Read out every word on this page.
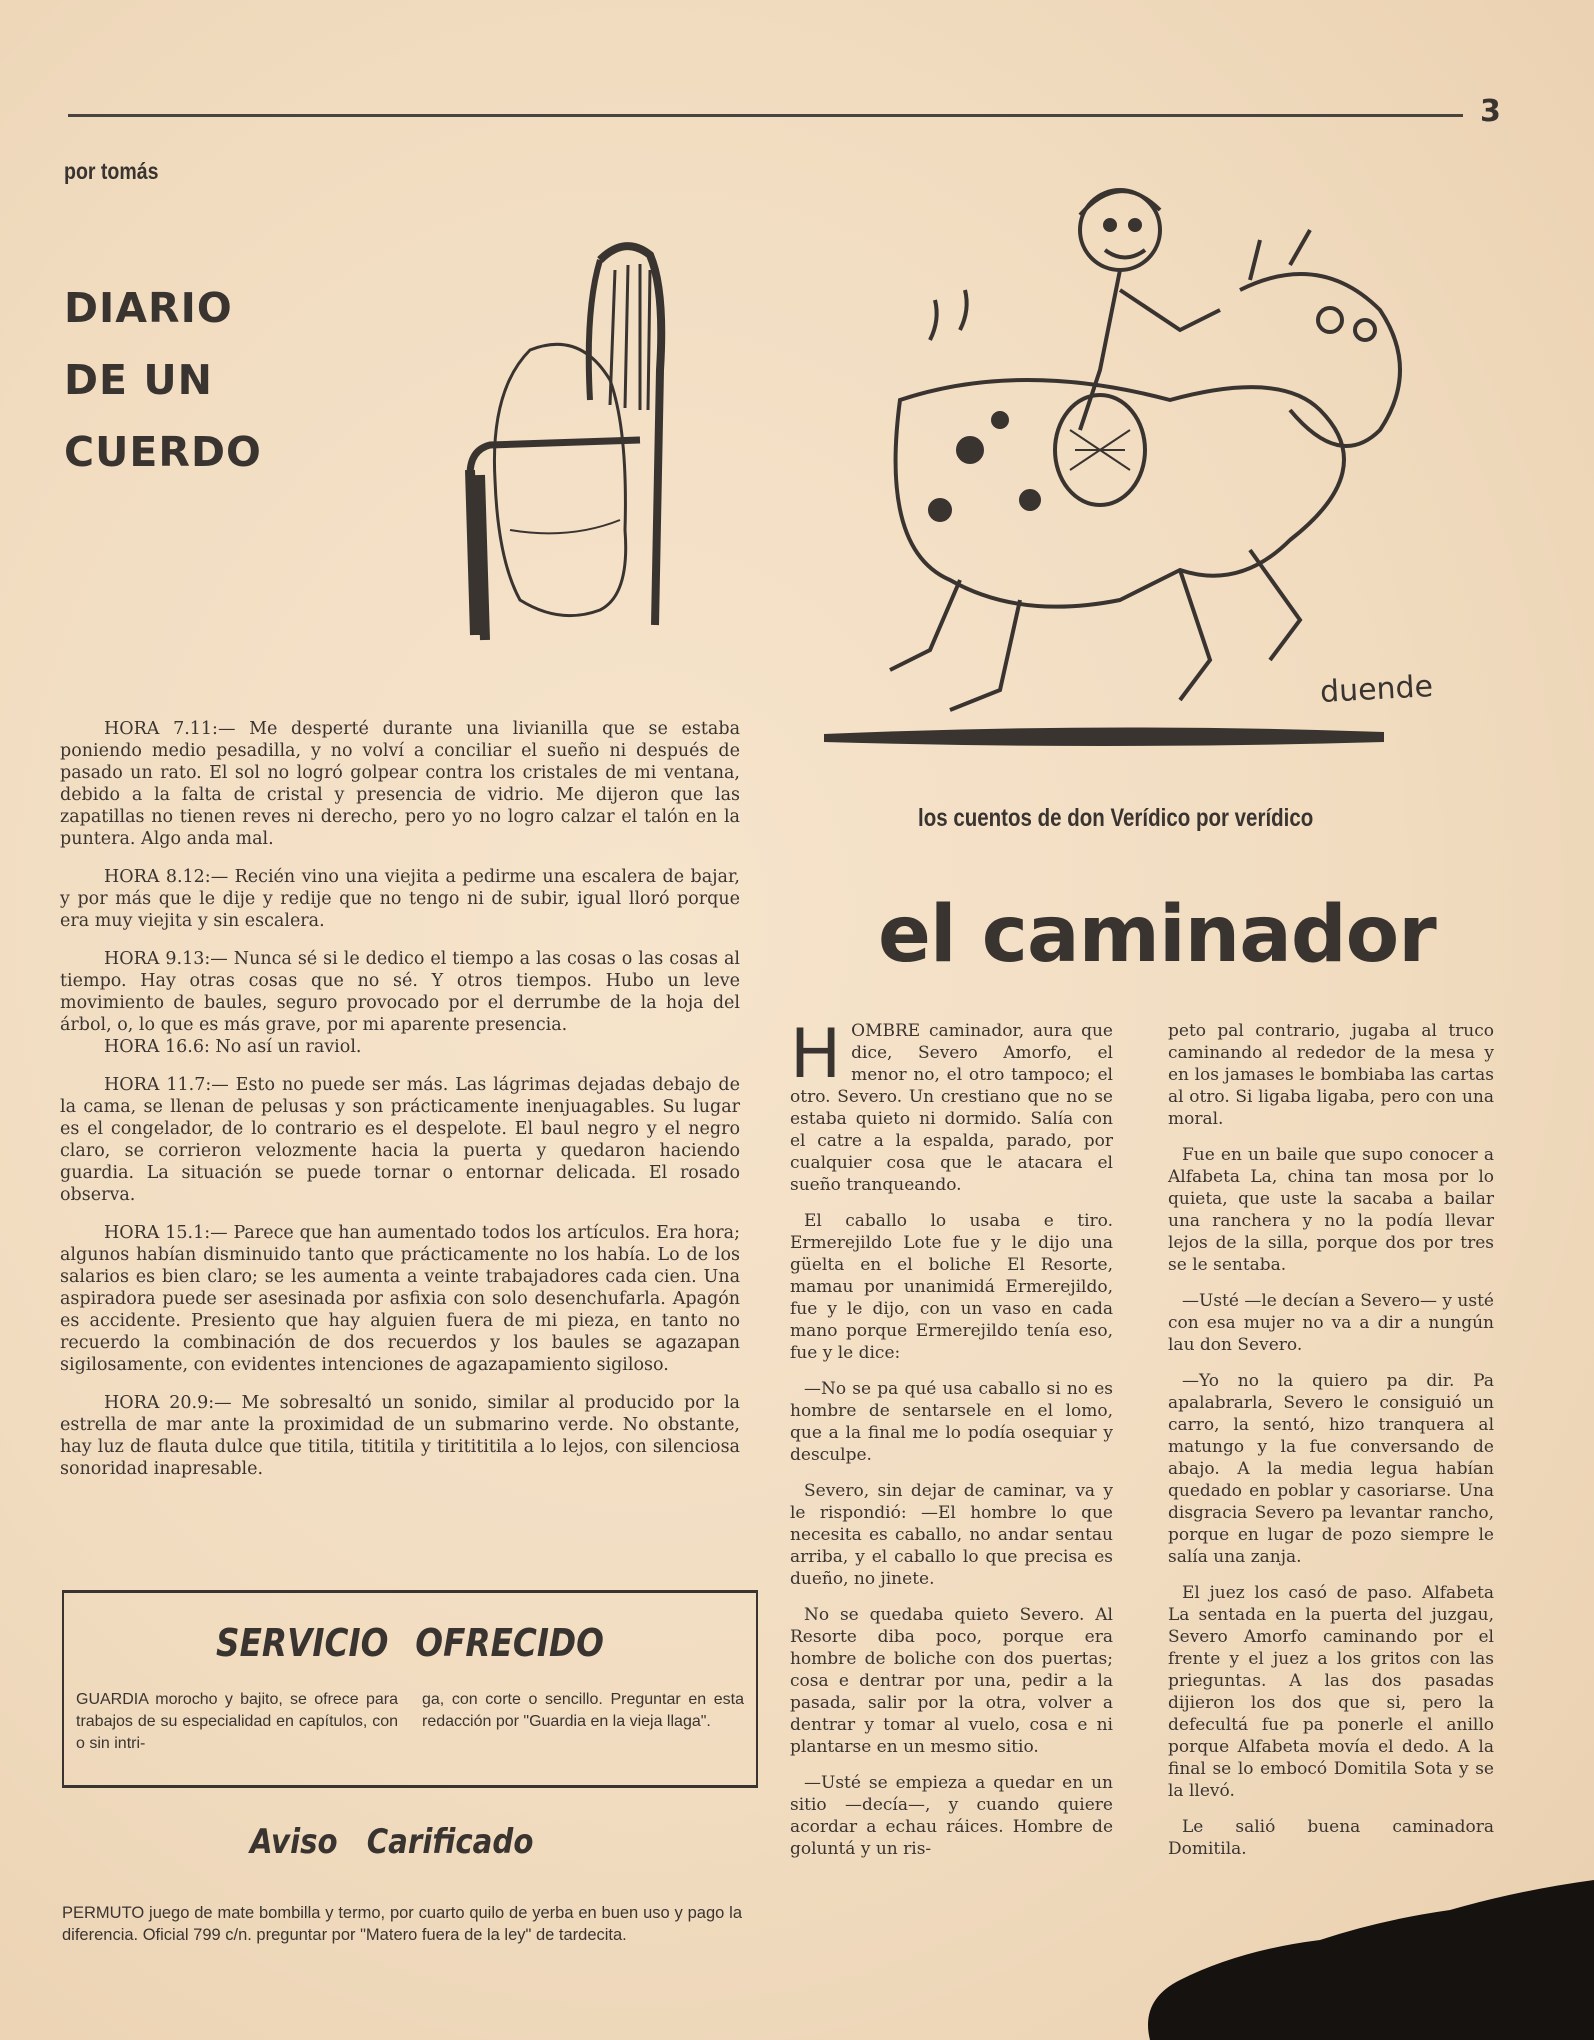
3
por tomás
DIARIO
DE UN
CUERDO
duende
los cuentos de don Verídico por verídico
el caminador

HORA 7.11:— Me desperté durante una livianilla que se estaba poniendo medio pesadilla, y no volví a conciliar el sueño ni después de pasado un rato. El sol no logró golpear contra los cristales de mi ventana, debido a la falta de cristal y presencia de vidrio. Me dijeron que las zapatillas no tienen reves ni derecho, pero yo no logro calzar el talón en la puntera. Algo anda mal.

HORA 8.12:— Recién vino una viejita a pedirme una escalera de bajar, y por más que le dije y redije que no tengo ni de subir, igual lloró porque era muy viejita y sin escalera.

HORA 9.13:— Nunca sé si le dedico el tiempo a las cosas o las cosas al tiempo. Hay otras cosas que no sé. Y otros tiempos. Hubo un leve movimiento de baules, seguro provocado por el derrumbe de la hoja del árbol, o, lo que es más grave, por mi aparente presencia.

HORA 16.6: No así un raviol.

HORA 11.7:— Esto no puede ser más. Las lágrimas dejadas debajo de la cama, se llenan de pelusas y son prácticamente inenjuagables. Su lugar es el congelador, de lo contrario es el despelote. El baul negro y el negro claro, se corrieron velozmente hacia la puerta y quedaron haciendo guardia. La situación se puede tornar o entornar delicada. El rosado observa.

HORA 15.1:— Parece que han aumentado todos los artículos. Era hora; algunos habían disminuido tanto que prácticamente no los había. Lo de los salarios es bien claro; se les aumenta a veinte trabajadores cada cien. Una aspiradora puede ser asesinada por asfixia con solo desenchufarla. Apagón es accidente. Presiento que hay alguien fuera de mi pieza, en tanto no recuerdo la combinación de dos recuerdos y los baules se agazapan sigilosamente, con evidentes intenciones de agazapamiento sigiloso.

HORA 20.9:— Me sobresaltó un sonido, similar al producido por la estrella de mar ante la proximidad de un submarino verde. No obstante, hay luz de flauta dulce que titila, tititila y tiritititila a lo lejos, con silenciosa sonoridad inapresable.

SERVICIO OFRECIDO
GUARDIA morocho y bajito, se ofrece para trabajos de su especialidad en capítulos, con o sin intri-
ga, con corte o sencillo. Preguntar en esta redacción por "Guardia en la vieja llaga".
Aviso Carificado
PERMUTO juego de mate bombilla y termo, por cuarto quilo de yerba en buen uso y pago la diferencia. Oficial 799 c/n. preguntar por "Matero fuera de la ley" de tardecita.

HOMBRE caminador, aura que dice, Severo Amorfo, el menor no, el otro tampoco; el otro. Severo. Un crestiano que no se estaba quieto ni dormido. Salía con el catre a la espalda, parado, por cualquier cosa que le atacara el sueño tranqueando.

El caballo lo usaba e tiro. Ermerejildo Lote fue y le dijo una güelta en el boliche El Resorte, mamau por unanimidá Ermerejildo, fue y le dijo, con un vaso en cada mano porque Ermerejildo tenía eso, fue y le dice:

—No se pa qué usa caballo si no es hombre de sentarsele en el lomo, que a la final me lo podía osequiar y desculpe.

Severo, sin dejar de caminar, va y le rispondió: —El hombre lo que necesita es caballo, no andar sentau arriba, y el caballo lo que precisa es dueño, no jinete.

No se quedaba quieto Severo. Al Resorte diba poco, porque era hombre de boliche con dos puertas; cosa e dentrar por una, pedir a la pasada, salir por la otra, volver a dentrar y tomar al vuelo, cosa e ni plantarse en un mesmo sitio.

—Usté se empieza a quedar en un sitio —decía—, y cuando quiere acordar a echau ráices. Hombre de goluntá y un ris-

peto pal contrario, jugaba al truco caminando al rededor de la mesa y en los jamases le bombiaba las cartas al otro. Si ligaba ligaba, pero con una moral.

Fue en un baile que supo conocer a Alfabeta La, china tan mosa por lo quieta, que uste la sacaba a bailar una ranchera y no la podía llevar lejos de la silla, porque dos por tres se le sentaba.

—Usté —le decían a Severo— y usté con esa mujer no va a dir a nungún lau don Severo.

—Yo no la quiero pa dir. Pa apalabrarla, Severo le consiguió un carro, la sentó, hizo tranquera al matungo y la fue conversando de abajo. A la media legua habían quedado en poblar y casoriarse. Una disgracia Severo pa levantar rancho, porque en lugar de pozo siempre le salía una zanja.

El juez los casó de paso. Alfabeta La sentada en la puerta del juzgau, Severo Amorfo caminando por el frente y el juez a los gritos con las prieguntas. A las dos pasadas dijieron los dos que si, pero la defecultá fue pa ponerle el anillo porque Alfabeta movía el dedo. A la final se lo embocó Domitila Sota y se la llevó.

Le salió buena caminadora Domitila.
